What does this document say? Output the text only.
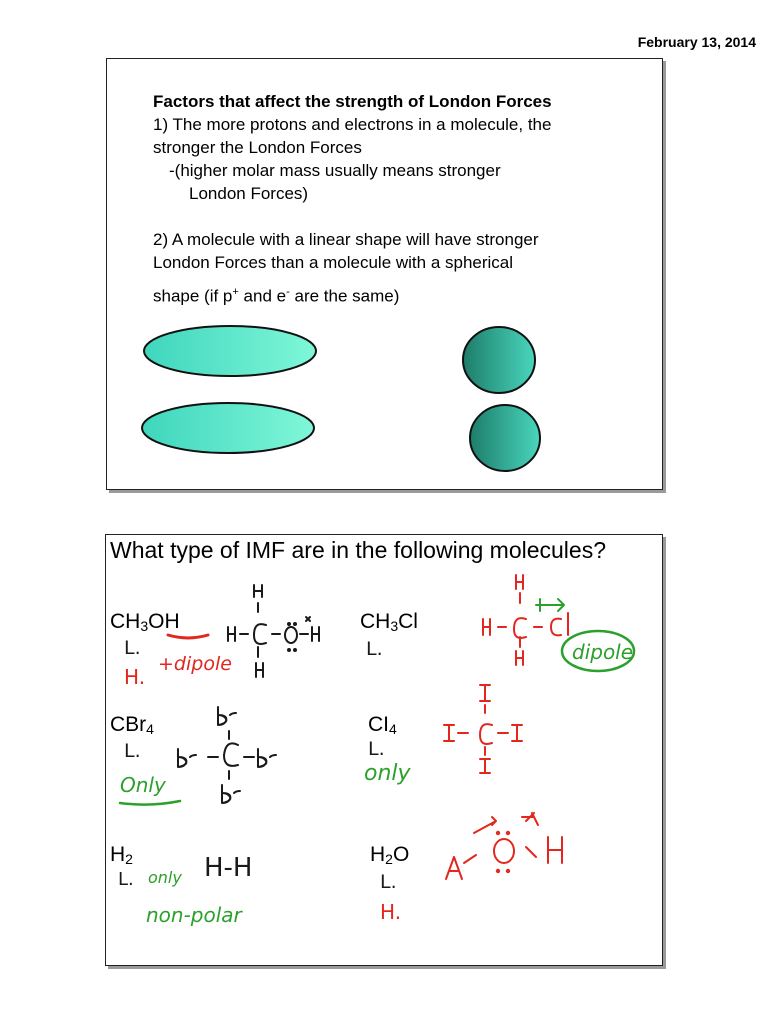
February 13, 2014
Factors that affect the strength of London Forces
1) The more protons and electrons in a molecule, the
stronger the London Forces
-(higher molar mass usually means stronger
London Forces)
2) A molecule with a linear shape will have stronger
London Forces than a molecule with a spherical
shape (if p+ and e- are the same)
What type of IMF are in the following molecules?
$CH_3OH$	$CH_3Cl$
CBr$_4$	$CI_4$
$H_2$	$H_2O$
L.
H.
+dipole
L.	dipole
L.
Only
L.
only
L. only H-H
non-polar
L.
H.
